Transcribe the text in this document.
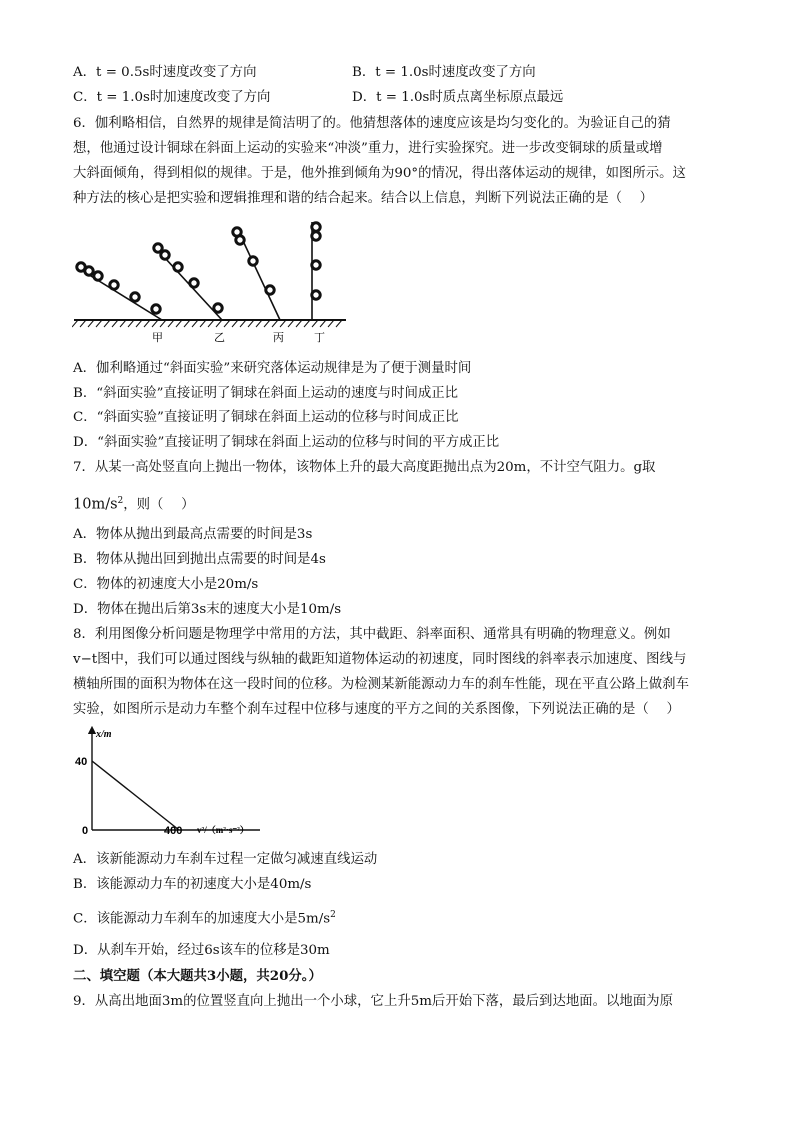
A．t = 0.5s时速度改变了方向	B．t = 1.0s时速度改变了方向
C．t = 1.0s时加速度改变了方向	D．t = 1.0s时质点离坐标原点最远
6．伽利略相信，自然界的规律是简洁明了的。他猜想落体的速度应该是均匀变化的。为验证自己的猜
想，他通过设计铜球在斜面上运动的实验来“冲淡”重力，进行实验探究。进一步改变铜球的质量或增
大斜面倾角，得到相似的规律。于是，他外推到倾角为90°的情况，得出落体运动的规律，如图所示。这
种方法的核心是把实验和逻辑推理和谐的结合起来。结合以上信息，判断下列说法正确的是（　 ）
甲	乙	丙	丁
A．伽利略通过“斜面实验”来研究落体运动规律是为了便于测量时间
B．“斜面实验”直接证明了铜球在斜面上运动的速度与时间成正比
C．“斜面实验”直接证明了铜球在斜面上运动的位移与时间成正比
D．“斜面实验”直接证明了铜球在斜面上运动的位移与时间的平方成正比
7．从某一高处竖直向上抛出一物体，该物体上升的最大高度距抛出点为20m，不计空气阻力。g取
$10m/s^2$，则（　 ）
A．物体从抛出到最高点需要的时间是3s
B．物体从抛出回到抛出点需要的时间是4s
C．物体的初速度大小是20m/s
D．物体在抛出后第3s末的速度大小是10m/s
8．利用图像分析问题是物理学中常用的方法，其中截距、斜率面积、通常具有明确的物理意义。例如
v−t图中，我们可以通过图线与纵轴的截距知道物体运动的初速度，同时图线的斜率表示加速度、图线与
横轴所围的面积为物体在这一段时间的位移。为检测某新能源动力车的刹车性能，现在平直公路上做刹车
实验，如图所示是动力车整个刹车过程中位移与速度的平方之间的关系图像，下列说法正确的是（　 ）
x/m
40
0	400 v²/（m²·s⁻²）
A．该新能源动力车刹车过程一定做匀减速直线运动
B．该能源动力车的初速度大小是40m/s
C．该能源动力车刹车的加速度大小是$5m/s^2$
D．从刹车开始，经过6s该车的位移是30m
二、填空题（本大题共3小题，共20分。）
9．从高出地面3m的位置竖直向上抛出一个小球，它上升5m后开始下落，最后到达地面。以地面为原
